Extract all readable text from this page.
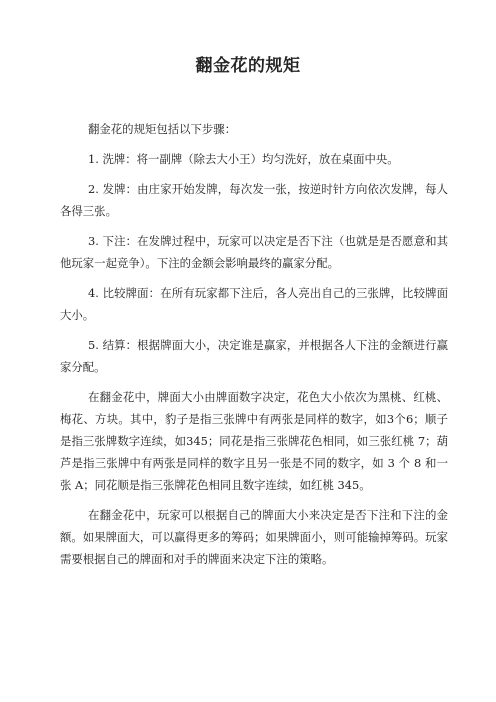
翻金花的规矩

翻金花的规矩包括以下步骤：

1. 洗牌：将一副牌（除去大小王）均匀洗好，放在桌面中央。

2. 发牌：由庄家开始发牌，每次发一张，按逆时针方向依次发牌，每人各得三张。

3. 下注：在发牌过程中，玩家可以决定是否下注（也就是是否愿意和其他玩家一起竞争）。下注的金额会影响最终的赢家分配。

4. 比较牌面：在所有玩家都下注后，各人亮出自己的三张牌，比较牌面大小。

5. 结算：根据牌面大小，决定谁是赢家，并根据各人下注的金额进行赢家分配。

在翻金花中，牌面大小由牌面数字决定，花色大小依次为黑桃、红桃、梅花、方块。其中，豹子是指三张牌中有两张是同样的数字，如3个6；顺子是指三张牌数字连续，如345；同花是指三张牌花色相同，如三张红桃 7；葫芦是指三张牌中有两张是同样的数字且另一张是不同的数字，如 3 个 8 和一张 A；同花顺是指三张牌花色相同且数字连续，如红桃 345。

在翻金花中，玩家可以根据自己的牌面大小来决定是否下注和下注的金额。如果牌面大，可以赢得更多的筹码；如果牌面小，则可能输掉筹码。玩家需要根据自己的牌面和对手的牌面来决定下注的策略。
